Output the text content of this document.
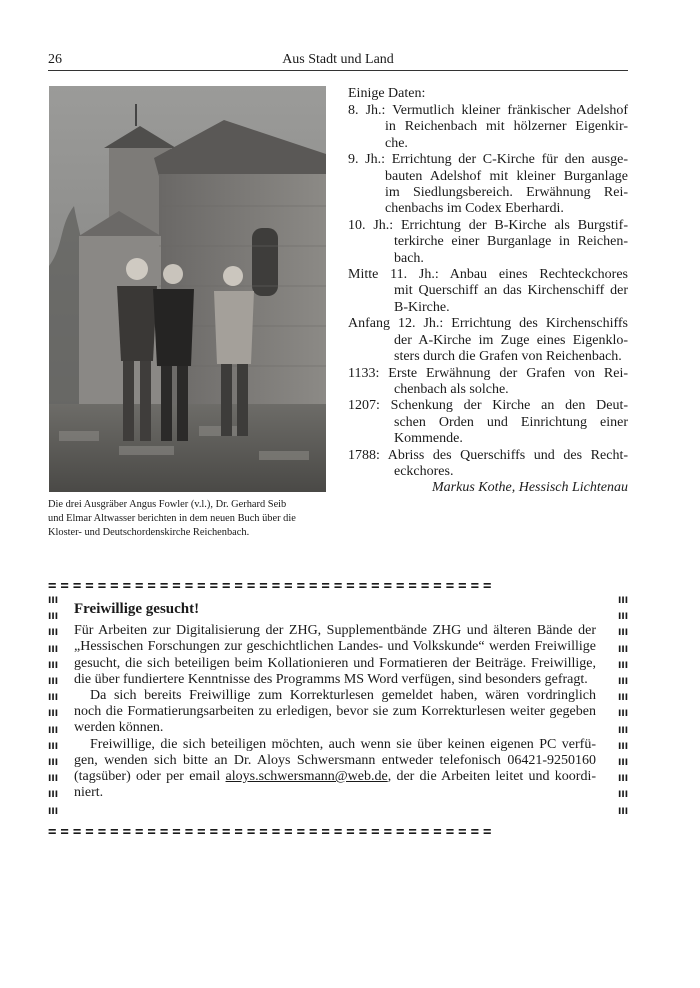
26	Aus Stadt und Land
Die drei Ausgräber Angus Fowler (v.l.), Dr. Gerhard Seib
und Elmar Altwasser berichten in dem neuen Buch über die
Kloster- und Deutschordenskirche Reichenbach.
Einige Daten:
8. Jh.: Vermutlich kleiner fränkischer Adelshof
in Reichenbach mit hölzerner Eigenkir-
che.
9. Jh.: Errichtung der C-Kirche für den ausge-
bauten Adelshof mit kleiner Burganlage
im Siedlungsbereich. Erwähnung Rei-
chenbachs im Codex Eberhardi.
10. Jh.: Errichtung der B-Kirche als Burgstif-
terkirche einer Burganlage in Reichen-
bach.
Mitte 11. Jh.: Anbau eines Rechteckchores
mit Querschiff an das Kirchenschiff der
B-Kirche.
Anfang 12. Jh.: Errichtung des Kirchenschiffs
der A-Kirche im Zuge eines Eigenklo-
sters durch die Grafen von Reichenbach.
1133: Erste Erwähnung der Grafen von Rei-
chenbach als solche.
1207: Schenkung der Kirche an den Deut-
schen Orden und Einrichtung einer
Kommende.
1788: Abriss des Querschiffs und des Recht-
eckchores.
Markus Kothe, Hessisch Lichtenau
====================================
III
III
III
III
III
III
III
III
III
III
III
III
III
III
III
III
III
III
III
III
III
III
III
III
III
III
III
III
====================================
Freiwillige gesucht!
Für Arbeiten zur Digitalisierung der ZHG, Supplementbände ZHG und älteren Bände der
„Hessischen Forschungen zur geschichtlichen Landes- und Volkskunde“ werden Freiwillige
gesucht, die sich beteiligen beim Kollationieren und Formatieren der Beiträge. Freiwillige,
die über fundiertere Kenntnisse des Programms MS Word verfügen, sind besonders gefragt.
Da sich bereits Freiwillige zum Korrekturlesen gemeldet haben, wären vordringlich
noch die Formatierungsarbeiten zu erledigen, bevor sie zum Korrekturlesen weiter gegeben
werden können.
Freiwillige, die sich beteiligen möchten, auch wenn sie über keinen eigenen PC verfü-
gen, wenden sich bitte an Dr. Aloys Schwersmann entweder telefonisch 06421-9250160
(tagsüber) oder per email aloys.schwersmann@web.de, der die Arbeiten leitet und koordi-
niert.
